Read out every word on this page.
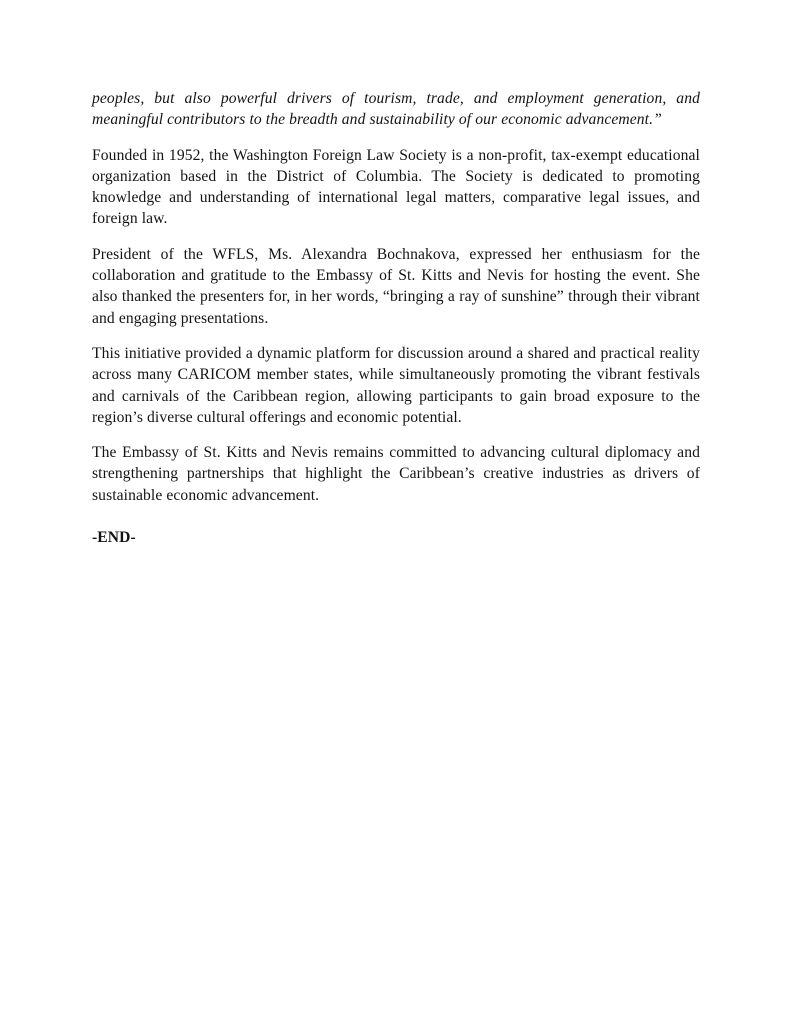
peoples, but also powerful drivers of tourism, trade, and employment generation, and meaningful contributors to the breadth and sustainability of our economic advancement.”

Founded in 1952, the Washington Foreign Law Society is a non-profit, tax-exempt educational organization based in the District of Columbia. The Society is dedicated to promoting knowledge and understanding of international legal matters, comparative legal issues, and foreign law.

President of the WFLS, Ms. Alexandra Bochnakova, expressed her enthusiasm for the collaboration and gratitude to the Embassy of St. Kitts and Nevis for hosting the event. She also thanked the presenters for, in her words, “bringing a ray of sunshine” through their vibrant and engaging presentations.

This initiative provided a dynamic platform for discussion around a shared and practical reality across many CARICOM member states, while simultaneously promoting the vibrant festivals and carnivals of the Caribbean region, allowing participants to gain broad exposure to the region’s diverse cultural offerings and economic potential.

The Embassy of St. Kitts and Nevis remains committed to advancing cultural diplomacy and strengthening partnerships that highlight the Caribbean’s creative industries as drivers of sustainable economic advancement.

-END-
